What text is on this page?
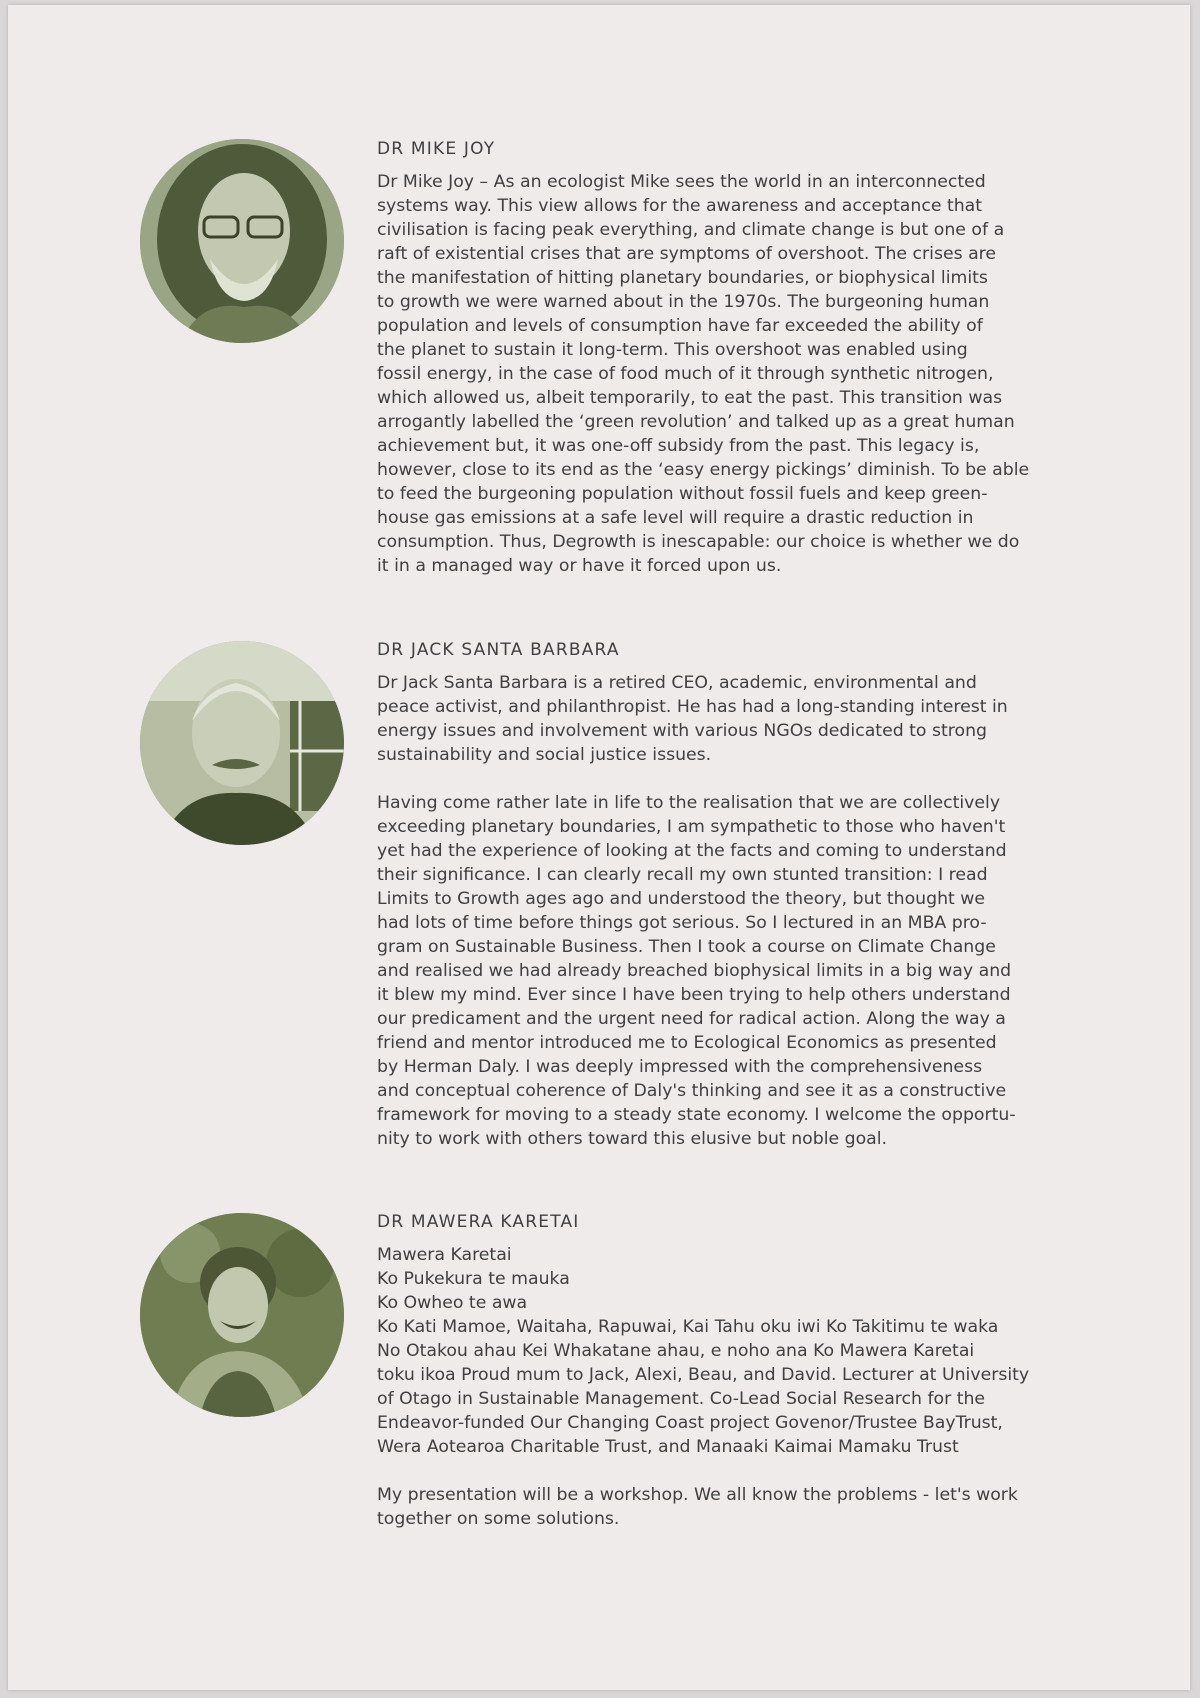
DR MIKE JOY

Dr Mike Joy – As an ecologist Mike sees the world in an interconnected
systems way. This view allows for the awareness and acceptance that
civilisation is facing peak everything, and climate change is but one of a
raft of existential crises that are symptoms of overshoot. The crises are
the manifestation of hitting planetary boundaries, or biophysical limits
to growth we were warned about in the 1970s. The burgeoning human
population and levels of consumption have far exceeded the ability of
the planet to sustain it long-term. This overshoot was enabled using
fossil energy, in the case of food much of it through synthetic nitrogen,
which allowed us, albeit temporarily, to eat the past. This transition was
arrogantly labelled the ‘green revolution’ and talked up as a great human
achievement but, it was one-off subsidy from the past. This legacy is,
however, close to its end as the ‘easy energy pickings’ diminish. To be able
to feed the burgeoning population without fossil fuels and keep green-
house gas emissions at a safe level will require a drastic reduction in
consumption. Thus, Degrowth is inescapable: our choice is whether we do
it in a managed way or have it forced upon us.

DR JACK SANTA BARBARA

Dr Jack Santa Barbara is a retired CEO, academic, environmental and
peace activist, and philanthropist. He has had a long-standing interest in
energy issues and involvement with various NGOs dedicated to strong
sustainability and social justice issues.

Having come rather late in life to the realisation that we are collectively
exceeding planetary boundaries, I am sympathetic to those who haven't
yet had the experience of looking at the facts and coming to understand
their significance. I can clearly recall my own stunted transition: I read
Limits to Growth ages ago and understood the theory, but thought we
had lots of time before things got serious. So I lectured in an MBA pro-
gram on Sustainable Business. Then I took a course on Climate Change
and realised we had already breached biophysical limits in a big way and
it blew my mind. Ever since I have been trying to help others understand
our predicament and the urgent need for radical action. Along the way a
friend and mentor introduced me to Ecological Economics as presented
by Herman Daly. I was deeply impressed with the comprehensiveness
and conceptual coherence of Daly's thinking and see it as a constructive
framework for moving to a steady state economy. I welcome the opportu-
nity to work with others toward this elusive but noble goal.

DR MAWERA KARETAI

Mawera Karetai
Ko Pukekura te mauka
Ko Owheo te awa
Ko Kati Mamoe, Waitaha, Rapuwai, Kai Tahu oku iwi Ko Takitimu te waka
No Otakou ahau Kei Whakatane ahau, e noho ana Ko Mawera Karetai
toku ikoa Proud mum to Jack, Alexi, Beau, and David. Lecturer at University
of Otago in Sustainable Management. Co-Lead Social Research for the
Endeavor-funded Our Changing Coast project Govenor/Trustee BayTrust,
Wera Aotearoa Charitable Trust, and Manaaki Kaimai Mamaku Trust

My presentation will be a workshop. We all know the problems - let's work
together on some solutions.
